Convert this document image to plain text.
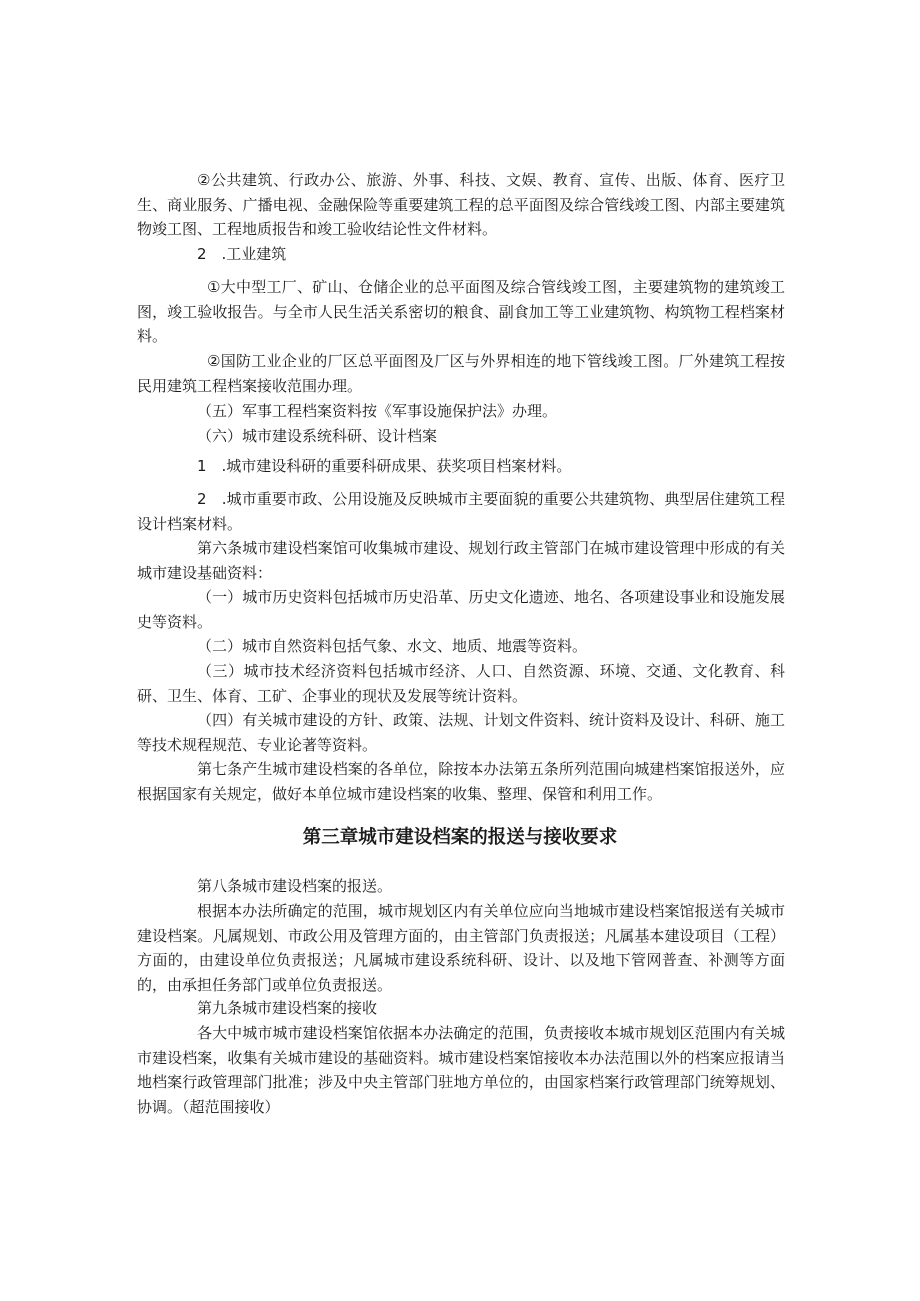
②公共建筑、行政办公、旅游、外事、科技、文娱、教育、宣传、出版、体育、医疗卫生、商业服务、广播电视、金融保险等重要建筑工程的总平面图及综合管线竣工图、内部主要建筑物竣工图、工程地质报告和竣工验收结论性文件材料。

2　.工业建筑

①大中型工厂、矿山、仓储企业的总平面图及综合管线竣工图，主要建筑物的建筑竣工图，竣工验收报告。与全市人民生活关系密切的粮食、副食加工等工业建筑物、构筑物工程档案材料。

②国防工业企业的厂区总平面图及厂区与外界相连的地下管线竣工图。厂外建筑工程按民用建筑工程档案接收范围办理。

（五）军事工程档案资料按《军事设施保护法》办理。

（六）城市建设系统科研、设计档案

1　.城市建设科研的重要科研成果、获奖项目档案材料。

2　.城市重要市政、公用设施及反映城市主要面貌的重要公共建筑物、典型居住建筑工程设计档案材料。

第六条城市建设档案馆可收集城市建设、规划行政主管部门在城市建设管理中形成的有关城市建设基础资料：

（一）城市历史资料包括城市历史沿革、历史文化遗迹、地名、各项建设事业和设施发展史等资料。

（二）城市自然资料包括气象、水文、地质、地震等资料。

（三）城市技术经济资料包括城市经济、人口、自然资源、环境、交通、文化教育、科研、卫生、体育、工矿、企事业的现状及发展等统计资料。

（四）有关城市建设的方针、政策、法规、计划文件资料、统计资料及设计、科研、施工等技术规程规范、专业论著等资料。

第七条产生城市建设档案的各单位，除按本办法第五条所列范围向城建档案馆报送外，应根据国家有关规定，做好本单位城市建设档案的收集、整理、保管和利用工作。

第三章城市建设档案的报送与接收要求

第八条城市建设档案的报送。

根据本办法所确定的范围，城市规划区内有关单位应向当地城市建设档案馆报送有关城市建设档案。凡属规划、市政公用及管理方面的，由主管部门负责报送；凡属基本建设项目（工程）方面的，由建设单位负责报送；凡属城市建设系统科研、设计、以及地下管网普查、补测等方面的，由承担任务部门或单位负责报送。

第九条城市建设档案的接收

各大中城市城市建设档案馆依据本办法确定的范围，负责接收本城市规划区范围内有关城市建设档案，收集有关城市建设的基础资料。城市建设档案馆接收本办法范围以外的档案应报请当地档案行政管理部门批准；涉及中央主管部门驻地方单位的，由国家档案行政管理部门统筹规划、协调。（超范围接收）
